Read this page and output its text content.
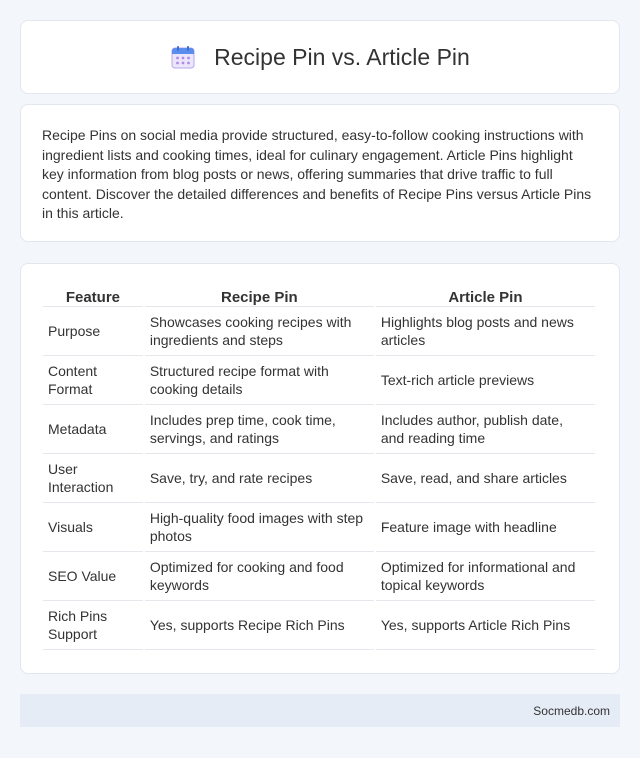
Recipe Pin vs. Article Pin

Recipe Pins on social media provide structured, easy-to-follow cooking instructions with ingredient lists and cooking times, ideal for culinary engagement. Article Pins highlight key information from blog posts or news, offering summaries that drive traffic to full content. Discover the detailed differences and benefits of Recipe Pins versus Article Pins in this article.

Feature	Recipe Pin	Article Pin
Purpose	Showcases cooking recipes with ingredients and steps	Highlights blog posts and news articles
Content Format	Structured recipe format with cooking details	Text-rich article previews
Metadata	Includes prep time, cook time, servings, and ratings	Includes author, publish date, and reading time
User Interaction	Save, try, and rate recipes	Save, read, and share articles
Visuals	High-quality food images with step photos	Feature image with headline
SEO Value	Optimized for cooking and food keywords	Optimized for informational and topical keywords
Rich Pins Support	Yes, supports Recipe Rich Pins	Yes, supports Article Rich Pins
Socmedb.com
